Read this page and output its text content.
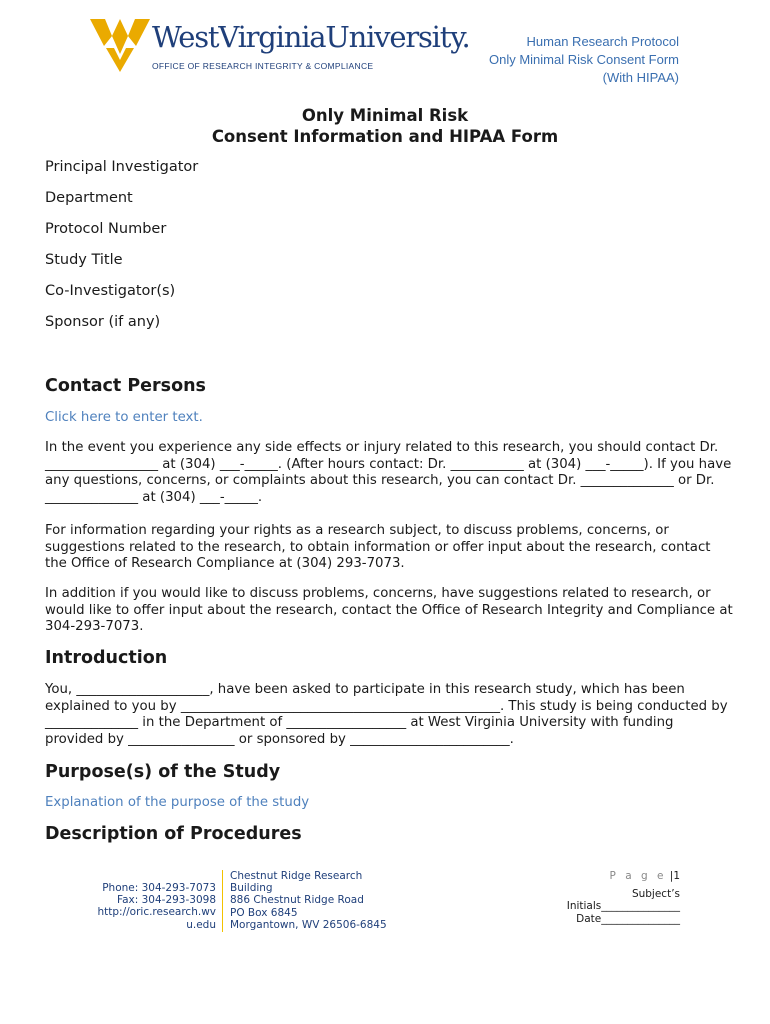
WestVirginiaUniversity.
OFFICE OF RESEARCH INTEGRITY & COMPLIANCE
Human Research Protocol
Only Minimal Risk Consent Form
(With HIPAA)
Only Minimal Risk
Consent Information and HIPAA Form
Principal Investigator
Department
Protocol Number
Study Title
Co-Investigator(s)
Sponsor (if any)
Contact Persons
Click here to enter text.
In the event you experience any side effects or injury related to this research, you should contact Dr. _________________ at (304) ___-_____. (After hours contact: Dr. ___________ at (304) ___-_____). If you have any questions, concerns, or complaints about this research, you can contact Dr. ______________ or Dr. ______________ at (304) ___-_____.
For information regarding your rights as a research subject, to discuss problems, concerns, or suggestions related to the research, to obtain information or offer input about the research, contact the Office of Research Compliance at (304) 293-7073.
In addition if you would like to discuss problems, concerns, have suggestions related to research, or would like to offer input about the research, contact the Office of Research Integrity and Compliance at 304-293-7073.
Introduction
You, ____________________, have been asked to participate in this research study, which has been explained to you by ________________________________________________. This study is being conducted by ______________ in the Department of __________________ at West Virginia University with funding provided by ________________ or sponsored by ________________________.
Purpose(s) of the Study
Explanation of the purpose of the study
Description of Procedures
Phone: 304-293-7073
Fax: 304-293-3098
http://oric.research.wv
u.edu
Chestnut Ridge Research
Building
886 Chestnut Ridge Road
PO Box 6845
Morgantown, WV 26506-6845
P a g e |1
Subject’s
Initials_______________
Date_______________
